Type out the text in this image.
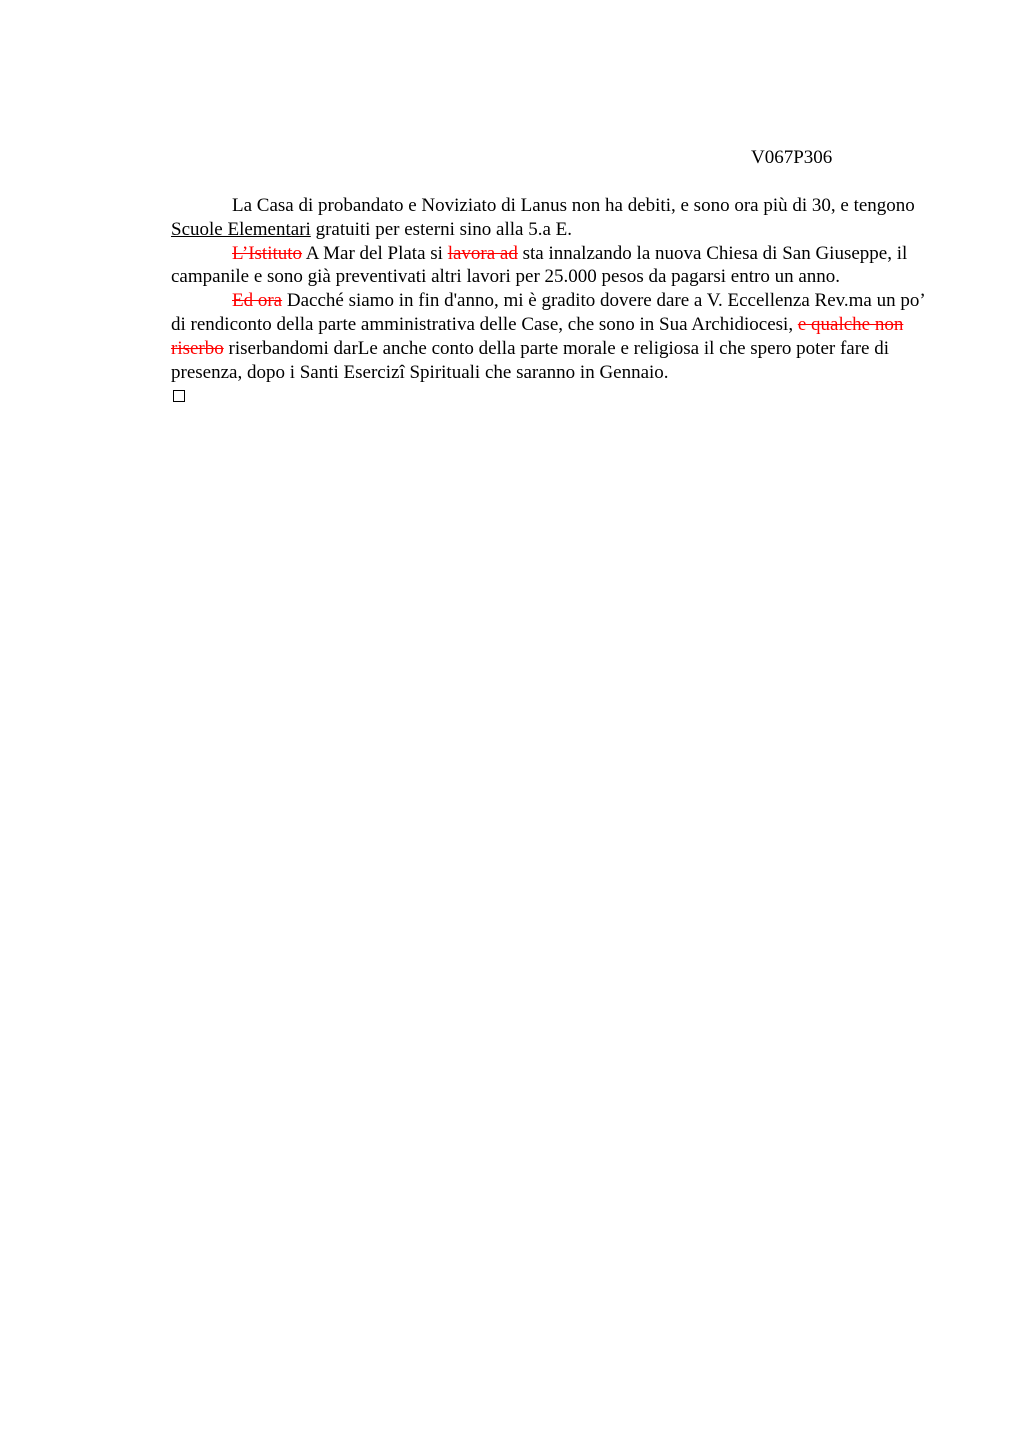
V067P306

La Casa di probandato e Noviziato di Lanus non ha debiti, e sono ora più di 30, e tengono Scuole Elementari gratuiti per esterni sino alla 5.a E.

L’Istituto A Mar del Plata si lavora ad sta innalzando la nuova Chiesa di San Giuseppe, il campanile e sono già preventivati altri lavori per 25.000 pesos da pagarsi entro un anno.

Ed ora Dacché siamo in fin d'anno, mi è gradito dovere dare a V. Eccellenza Rev.ma un po’ di rendiconto della parte amministrativa delle Case, che sono in Sua Archidiocesi, e qualche non riserbo riserbandomi darLe anche conto della parte morale e religiosa il che spero poter fare di presenza, dopo i Santi Esercizi Spirituali che saranno in Gennaio.
